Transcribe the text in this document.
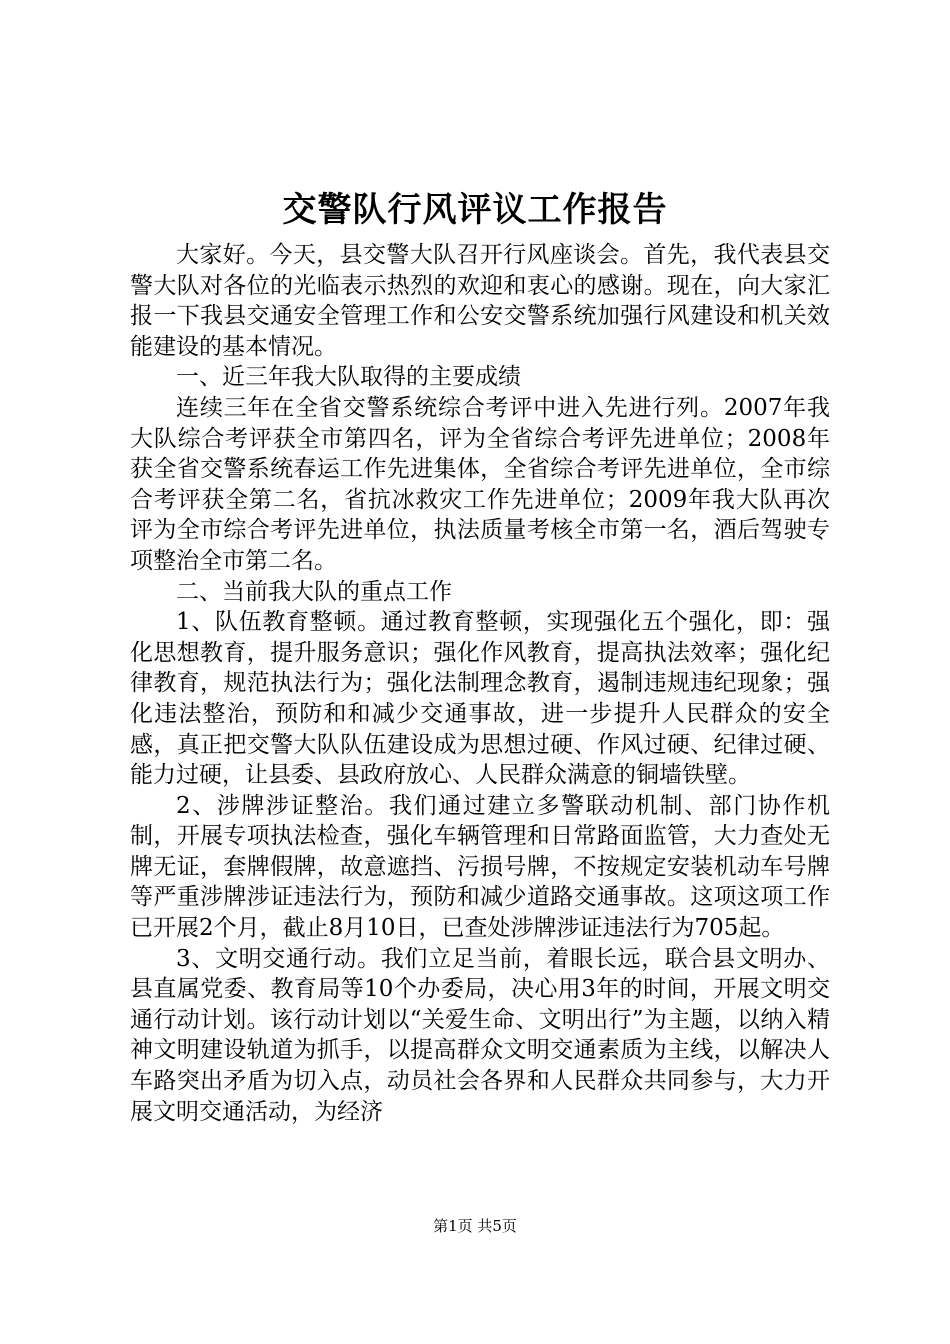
交警队行风评议工作报告

大家好。今天，县交警大队召开行风座谈会。首先，我代表县交警大队对各位的光临表示热烈的欢迎和衷心的感谢。现在，向大家汇报一下我县交通安全管理工作和公安交警系统加强行风建设和机关效能建设的基本情况。

一、近三年我大队取得的主要成绩

连续三年在全省交警系统综合考评中进入先进行列。2007年我大队综合考评获全市第四名，评为全省综合考评先进单位；2008年获全省交警系统春运工作先进集体，全省综合考评先进单位，全市综合考评获全第二名，省抗冰救灾工作先进单位；2009年我大队再次评为全市综合考评先进单位，执法质量考核全市第一名，酒后驾驶专项整治全市第二名。

二、当前我大队的重点工作

1、队伍教育整顿。通过教育整顿，实现强化五个强化，即：强化思想教育，提升服务意识；强化作风教育，提高执法效率；强化纪律教育，规范执法行为；强化法制理念教育，遏制违规违纪现象；强化违法整治，预防和和减少交通事故，进一步提升人民群众的安全感，真正把交警大队队伍建设成为思想过硬、作风过硬、纪律过硬、能力过硬，让县委、县政府放心、人民群众满意的铜墙铁壁。

2、涉牌涉证整治。我们通过建立多警联动机制、部门协作机制，开展专项执法检查，强化车辆管理和日常路面监管，大力查处无牌无证，套牌假牌，故意遮挡、污损号牌，不按规定安装机动车号牌等严重涉牌涉证违法行为，预防和减少道路交通事故。这项这项工作已开展2个月，截止8月10日，已查处涉牌涉证违法行为705起。

3、文明交通行动。我们立足当前，着眼长远，联合县文明办、县直属党委、教育局等10个办委局，决心用3年的时间，开展文明交通行动计划。该行动计划以“关爱生命、文明出行”为主题，以纳入精神文明建设轨道为抓手，以提高群众文明交通素质为主线，以解决人车路突出矛盾为切入点，动员社会各界和人民群众共同参与，大力开展文明交通活动，为经济

第1页 共5页
